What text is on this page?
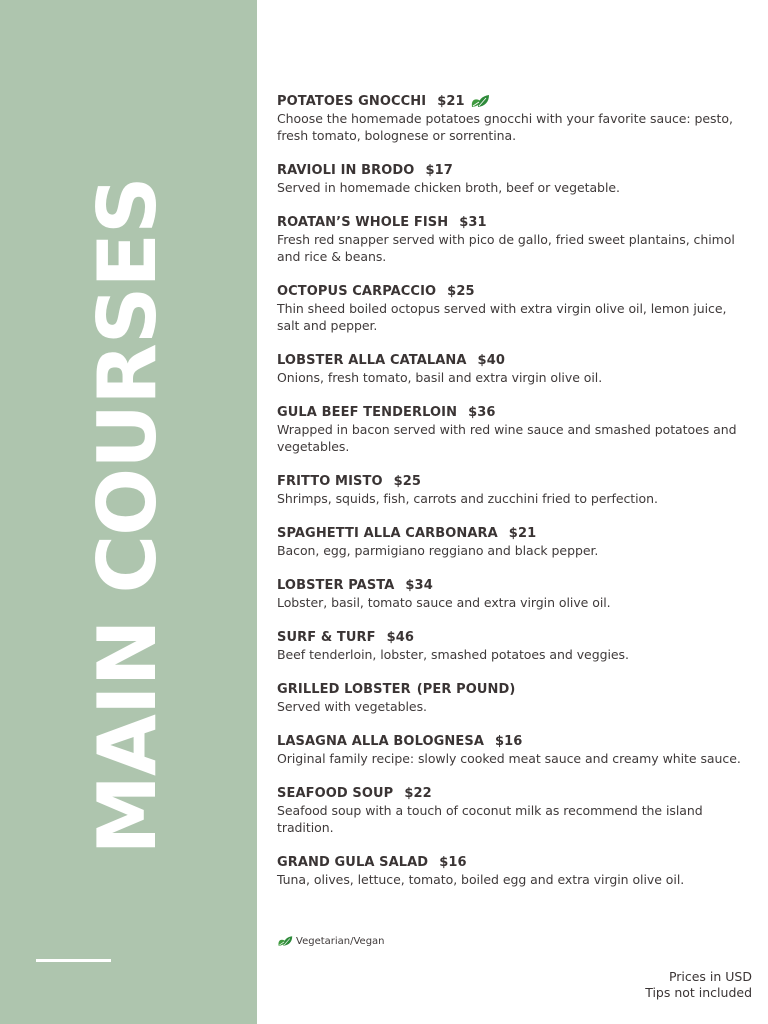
MAIN COURSES
POTATOES GNOCCHI $21
Choose the homemade potatoes gnocchi with your favorite sauce: pesto, fresh tomato, bolognese or sorrentina.
RAVIOLI IN BRODO $17
Served in homemade chicken broth, beef or vegetable.
ROATAN’S WHOLE FISH $31
Fresh red snapper served with pico de gallo, fried sweet plantains, chimol and rice & beans.
OCTOPUS CARPACCIO $25
Thin sheed boiled octopus served with extra virgin olive oil, lemon juice, salt and pepper.
LOBSTER ALLA CATALANA $40
Onions, fresh tomato, basil and extra virgin olive oil.
GULA BEEF TENDERLOIN $36
Wrapped in bacon served with red wine sauce and smashed potatoes and vegetables.
FRITTO MISTO $25
Shrimps, squids, fish, carrots and zucchini fried to perfection.
SPAGHETTI ALLA CARBONARA $21
Bacon, egg, parmigiano reggiano and black pepper.
LOBSTER PASTA $34
Lobster, basil, tomato sauce and extra virgin olive oil.
SURF & TURF $46
Beef tenderloin, lobster, smashed potatoes and veggies.
GRILLED LOBSTER (PER POUND)
Served with vegetables.
LASAGNA ALLA BOLOGNESA $16
Original family recipe: slowly cooked meat sauce and creamy white sauce.
SEAFOOD SOUP $22
Seafood soup with a touch of coconut milk as recommend the island tradition.
GRAND GULA SALAD $16
Tuna, olives, lettuce, tomato, boiled egg and extra virgin olive oil.
Vegetarian/Vegan
Prices in USD
Tips not included
